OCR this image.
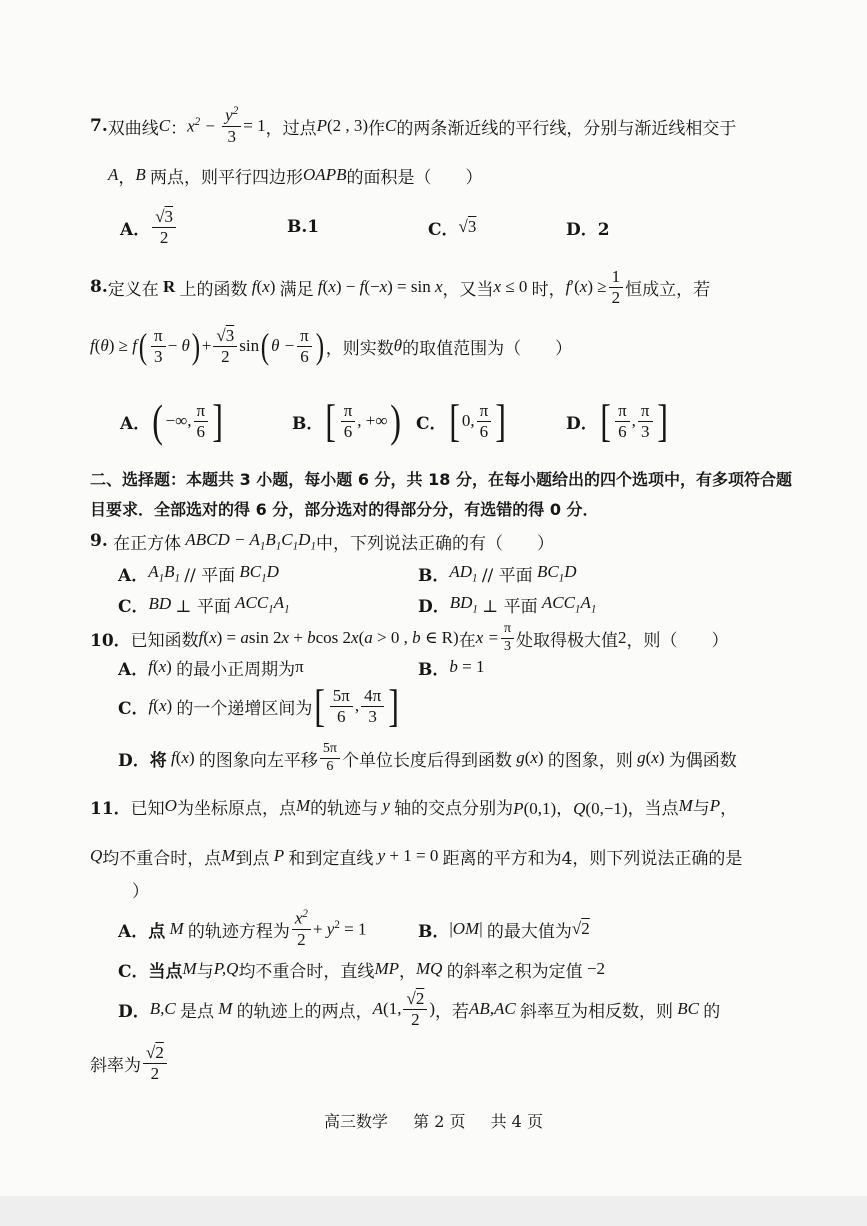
7. 双曲线 C ： $x^2 - \frac{y^2}{3} = 1$ ，过点 P (2 , 3) 作 C 的两条渐近线的平行线，分别与渐近线相交于
A ， B 两点，则平行四边形 OAPB 的面积是（　　）
A． $\frac{√3}{2}$	B.1	C． √3	D．2
8. 定义在 R 上的函数 f (x) 满足 f(x) − f(−x) = sin x ，又当 x ≤ 0 时， $f'(x) \ge \frac{1}{2}$ 恒成立，若
f(θ) ≥ f ( $\frac{\pi}{3} - \theta$ ) + $\frac{√3}{2}$ sin ( $\theta - \frac{\pi}{6}$ ) ，则实数 θ 的取值范围为（　　）
A． ( −∞, $\frac{\pi}{6}$ ]	B． [ $\frac{\pi}{6}$ , +∞ ) C． [ 0, $\frac{\pi}{6}$ ]	D． [ $\frac{\pi}{6}$ , $\frac{\pi}{3}$ ]
二、选择题：本题共 3 小题，每小题 6 分，共 18 分，在每小题给出的四个选项中，有多项符合题
目要求．全部选对的得 6 分，部分选对的得部分分，有选错的得 0 分．
9.
在正方体 ABCD − $A_1B_1C_1D_1$ 中，下列说法正确的有（　　）
A． $A_1B_1$ // 平面 $BC_1D$	B． $AD_1$ // 平面 $BC_1D$
C． BD ⊥ 平面 $ACC_1A_1$	D． $BD_1$ ⊥ 平面 $ACC_1A_1$
10． 已知函数 f(x) = asin 2x + bcos 2x(a > 0 , b ∈ R) 在 $x = \frac{\pi}{3}$ 处取得极大值 2 ，则（　　）
A． f(x) 的最小正周期为 π	B． b = 1
C． f(x) 的一个递增区间为 [ $\frac{5\pi}{6}$ , $\frac{4\pi}{3}$ ]
D．将 f(x) 的图象向左平移 $\frac{5\pi}{6}$ 个单位长度后得到函数 g(x) 的图象，则 g(x) 为偶函数
11． 已知 O 为坐标原点，点 M 的轨迹与 y 轴的交点分别为 P(0,1)，Q(0,−1) ，当点 M 与 P ，
Q 均不重合时，点 M 到点 P 和到定直线 y + 1 = 0 距离的平方和为4，则下列说法正确的是
）
A．点 M 的轨迹方程为 $\frac{x^2}{2} + y^2 = 1$	B． |OM| 的最大值为 √2
C．当点 M 与 P,Q 均不重合时，直线 MP ， MQ 的斜率之积为定值 −2
D． B,C 是点 M 的轨迹上的两点， A(1, $\frac{√2}{2}$ ) ，若 AB,AC 斜率互为相反数，则 BC 的
斜率为 $\frac{√2}{2}$
高三数学 第 2 页 共 4 页
